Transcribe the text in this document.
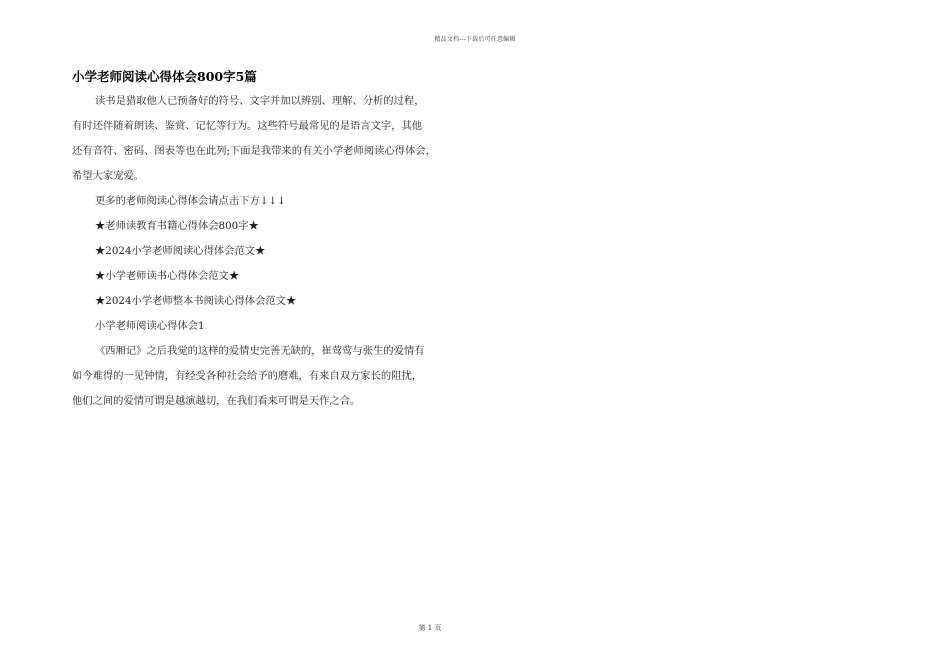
精品文档---下载后可任意编辑
小学老师阅读心得体会800字5篇
读书是猎取他人已预备好的符号、文字并加以辨别、理解、分析的过程，
有时还伴随着朗读、鉴赏、记忆等行为。这些符号最常见的是语言文字，其他
还有音符、密码、图表等也在此列;下面是我带来的有关小学老师阅读心得体会，
希望大家宠爱。
更多的老师阅读心得体会请点击下方↓↓↓
★老师读教育书籍心得体会800字★
★2024小学老师阅读心得体会范文★
★小学老师读书心得体会范文★
★2024小学老师整本书阅读心得体会范文★
小学老师阅读心得体会1
《西厢记》之后我觉的这样的爱情史完善无缺的，崔莺莺与张生的爱情有
如今难得的一见钟情，有经受各种社会给予的磨难，有来自双方家长的阻扰，
他们之间的爱情可谓是越演越切，在我们看来可谓是天作之合。
第 1 页
